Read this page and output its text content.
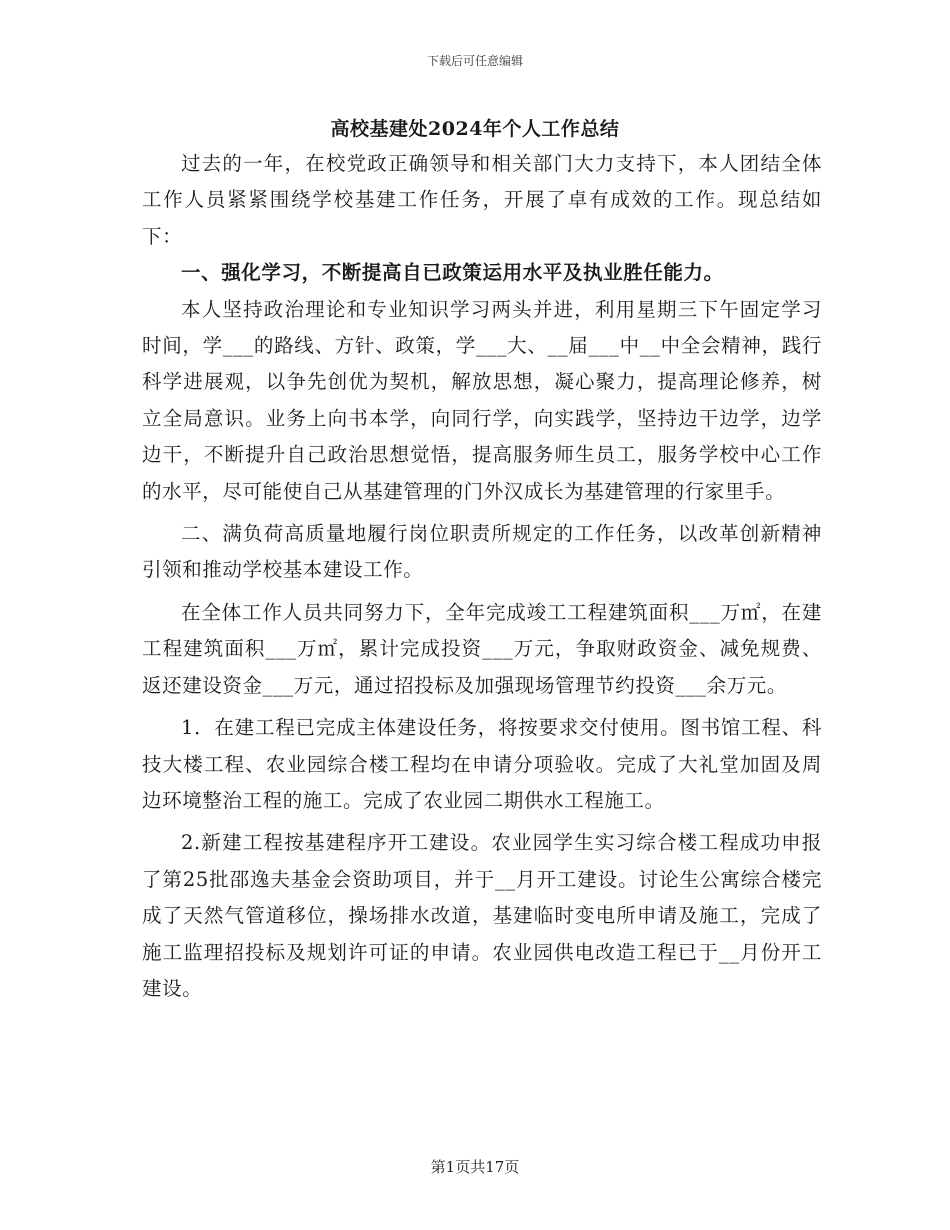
下载后可任意编辑
高校基建处2024年个人工作总结

过去的一年，在校党政正确领导和相关部门大力支持下，本人团结全体工作人员紧紧围绕学校基建工作任务，开展了卓有成效的工作。现总结如下：

一、强化学习，不断提高自已政策运用水平及执业胜任能力。

本人坚持政治理论和专业知识学习两头并进，利用星期三下午固定学习时间，学___的路线、方针、政策，学___大、__届___中__中全会精神，践行科学进展观，以争先创优为契机，解放思想，凝心聚力，提高理论修养，树立全局意识。业务上向书本学，向同行学，向实践学，坚持边干边学，边学边干，不断提升自己政治思想觉悟，提高服务师生员工，服务学校中心工作的水平，尽可能使自己从基建管理的门外汉成长为基建管理的行家里手。

二、满负荷高质量地履行岗位职责所规定的工作任务，以改革创新精神引领和推动学校基本建设工作。

在全体工作人员共同努力下，全年完成竣工工程建筑面积___万㎡，在建工程建筑面积___万㎡，累计完成投资___万元，争取财政资金、减免规费、返还建设资金___万元，通过招投标及加强现场管理节约投资___余万元。

1．在建工程已完成主体建设任务，将按要求交付使用。图书馆工程、科技大楼工程、农业园综合楼工程均在申请分项验收。完成了大礼堂加固及周边环境整治工程的施工。完成了农业园二期供水工程施工。

2.新建工程按基建程序开工建设。农业园学生实习综合楼工程成功申报了第25批邵逸夫基金会资助项目，并于__月开工建设。讨论生公寓综合楼完成了天然气管道移位，操场排水改道，基建临时变电所申请及施工，完成了施工监理招投标及规划许可证的申请。农业园供电改造工程已于__月份开工建设。

第1页共17页
